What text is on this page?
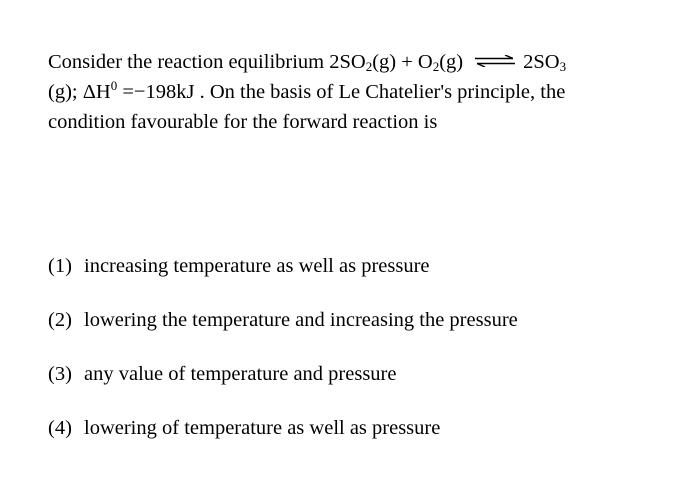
Consider the reaction equilibrium $2SO_2(g) + O_2(g)$ ⇌ $2SO_3$
(g); $\Delta H^0 =-198kJ$ . On the basis of Le Chatelier's principle, the
condition favourable for the forward reaction is
(1) increasing temperature as well as pressure
(2) lowering the temperature and increasing the pressure
(3) any value of temperature and pressure
(4) lowering of temperature as well as pressure
